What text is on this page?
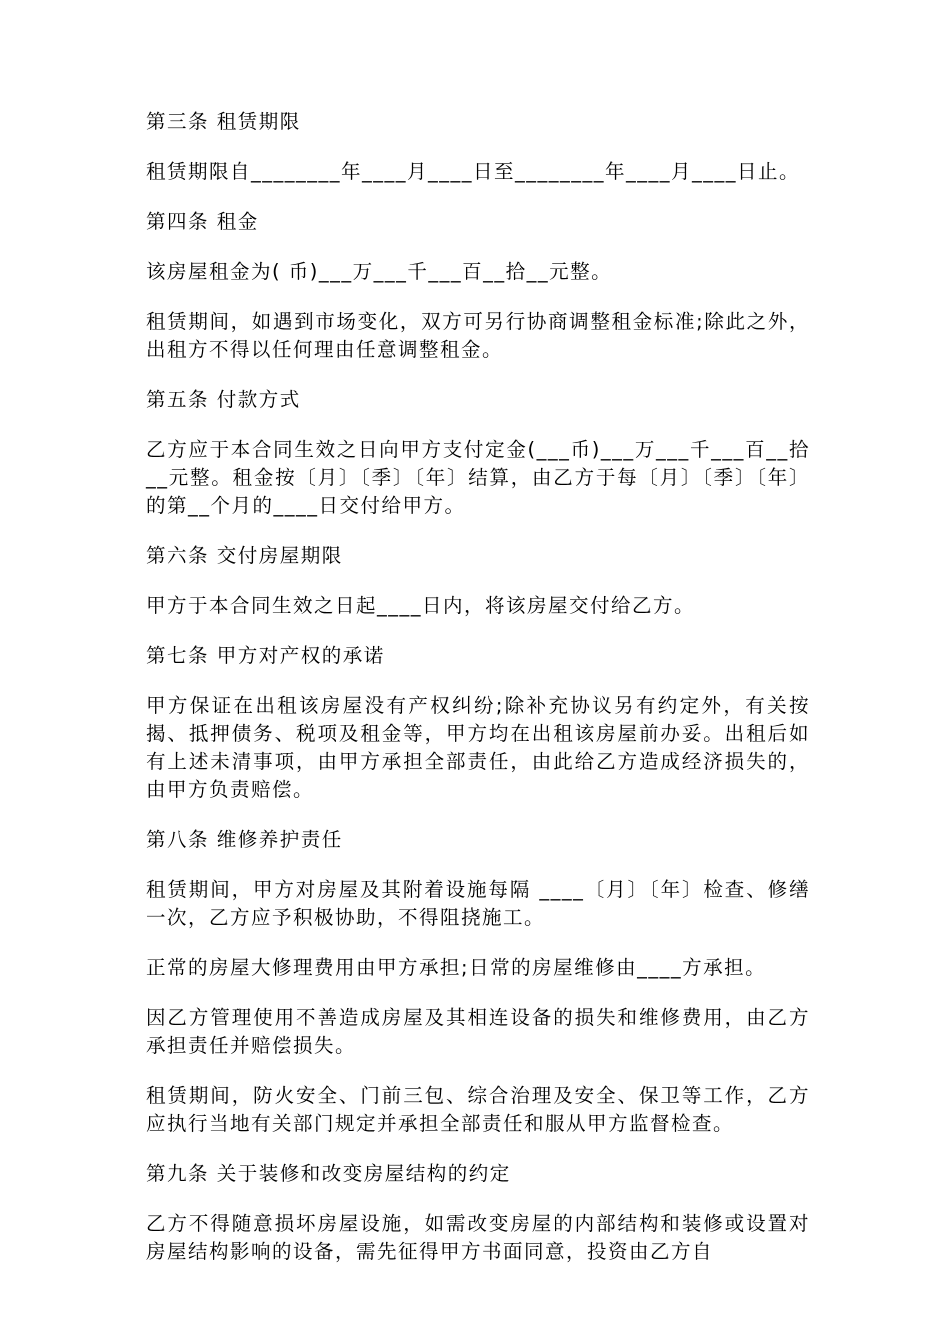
第三条 租赁期限

租赁期限自________年____月____日至________年____月____日止。

第四条 租金

该房屋租金为( 币)___万___千___百__拾__元整。

租赁期间，如遇到市场变化，双方可另行协商调整租金标准;除此之外，出租方不得以任何理由任意调整租金。

第五条 付款方式

乙方应于本合同生效之日向甲方支付定金(___币)___万___千___百__拾 __元整。租金按〔月〕〔季〕〔年〕结算，由乙方于每〔月〕〔季〕〔年〕的第__个月的____日交付给甲方。

第六条 交付房屋期限

甲方于本合同生效之日起____日内，将该房屋交付给乙方。

第七条 甲方对产权的承诺

甲方保证在出租该房屋没有产权纠纷;除补充协议另有约定外，有关按揭、抵押债务、税项及租金等，甲方均在出租该房屋前办妥。出租后如有上述未清事项，由甲方承担全部责任，由此给乙方造成经济损失的，由甲方负责赔偿。

第八条 维修养护责任

租赁期间，甲方对房屋及其附着设施每隔 ____〔月〕〔年〕检查、修缮一次，乙方应予积极协助，不得阻挠施工。

正常的房屋大修理费用由甲方承担;日常的房屋维修由____方承担。

因乙方管理使用不善造成房屋及其相连设备的损失和维修费用，由乙方承担责任并赔偿损失。

租赁期间，防火安全、门前三包、综合治理及安全、保卫等工作，乙方应执行当地有关部门规定并承担全部责任和服从甲方监督检查。

第九条 关于装修和改变房屋结构的约定

乙方不得随意损坏房屋设施，如需改变房屋的内部结构和装修或设置对房屋结构影响的设备，需先征得甲方书面同意，投资由乙方自
